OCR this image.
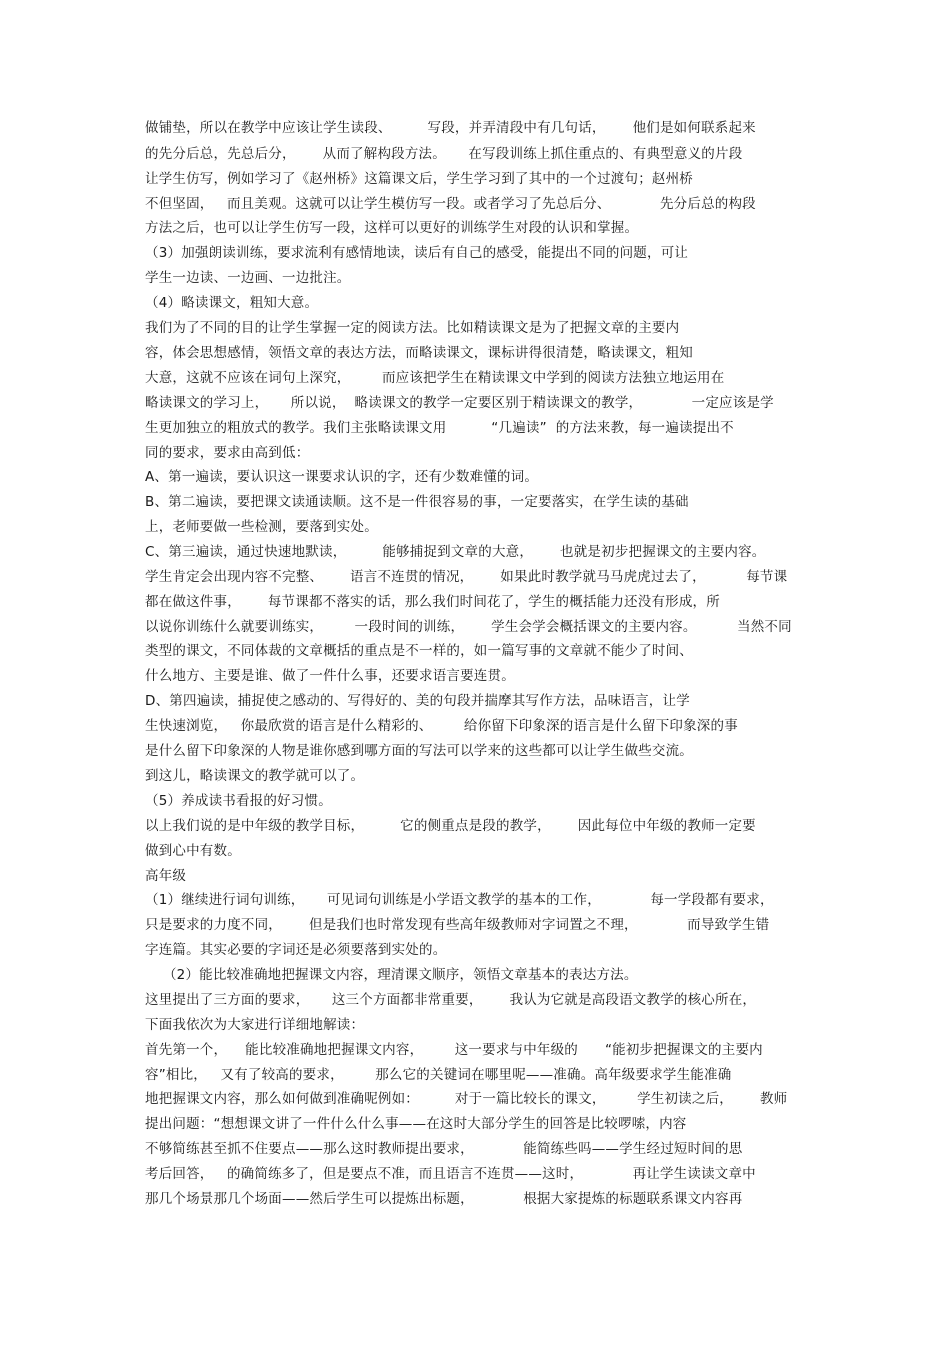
做铺垫，所以在教学中应该让学生读段、        写段，并弄清段中有几句话，      他们是如何联系起来
的先分后总，先总后分，      从而了解构段方法。     在写段训练上抓住重点的、有典型意义的片段
让学生仿写，例如学习了《赵州桥》这篇课文后，学生学习到了其中的一个过渡句；赵州桥
不但坚固，   而且美观。这就可以让学生模仿写一段。或者学习了先总后分、           先分后总的构段
方法之后，也可以让学生仿写一段，这样可以更好的训练学生对段的认识和掌握。
（3）加强朗读训练，要求流利有感情地读，读后有自己的感受，能提出不同的问题，可让
学生一边读、一边画、一边批注。
（4）略读课文，粗知大意。
我们为了不同的目的让学生掌握一定的阅读方法。比如精读课文是为了把握文章的主要内
容，体会思想感情，领悟文章的表达方法，而略读课文，课标讲得很清楚，略读课文，粗知
大意，这就不应该在词句上深究，       而应该把学生在精读课文中学到的阅读方法独立地运用在
略读课文的学习上，     所以说，  略读课文的教学一定要区别于精读课文的教学，           一定应该是学
生更加独立的粗放式的教学。我们主张略读课文用          “几遍读”  的方法来教，每一遍读提出不
同的要求，要求由高到低：
A、第一遍读，要认识这一课要求认识的字，还有少数难懂的词。
B、第二遍读，要把课文读通读顺。这不是一件很容易的事，一定要落实，在学生读的基础
上，老师要做一些检测，要落到实处。
C、第三遍读，通过快速地默读，        能够捕捉到文章的大意，      也就是初步把握课文的主要内容。
学生肯定会出现内容不完整、      语言不连贯的情况，      如果此时教学就马马虎虎过去了，         每节课
都在做这件事，      每节课都不落实的话，那么我们时间花了，学生的概括能力还没有形成，所
以说你训练什么就要训练实，       一段时间的训练，      学生会学会概括课文的主要内容。         当然不同
类型的课文，不同体裁的文章概括的重点是不一样的，如一篇写事的文章就不能少了时间、
什么地方、主要是谁、做了一件什么事，还要求语言要连贯。
D、第四遍读，捕捉使之感动的、写得好的、美的句段并揣摩其写作方法，品味语言，让学
生快速浏览，   你最欣赏的语言是什么精彩的、       给你留下印象深的语言是什么留下印象深的事
是什么留下印象深的人物是谁你感到哪方面的写法可以学来的这些都可以让学生做些交流。
到这儿，略读课文的教学就可以了。
（5）养成读书看报的好习惯。
以上我们说的是中年级的教学目标，        它的侧重点是段的教学，      因此每位中年级的教师一定要
做到心中有数。
高年级
（1）继续进行词句训练，     可见词句训练是小学语文教学的基本的工作，           每一学段都有要求，
只是要求的力度不同，      但是我们也时常发现有些高年级教师对字词置之不理，           而导致学生错
字连篇。其实必要的字词还是必须要落到实处的。
（2）能比较准确地把握课文内容，理清课文顺序，领悟文章基本的表达方法。
这里提出了三方面的要求，     这三个方面都非常重要，      我认为它就是高段语文教学的核心所在，
下面我依次为大家进行详细地解读：
首先第一个，    能比较准确地把握课文内容，       这一要求与中年级的      “能初步把握课文的主要内
容”相比，   又有了较高的要求，       那么它的关键词在哪里呢——准确。高年级要求学生能准确
地把握课文内容，那么如何做到准确呢例如：        对于一篇比较长的课文，       学生初读之后，      教师
提出问题：“想想课文讲了一件什么什么事——在这时大部分学生的回答是比较啰嗦，内容
不够简练甚至抓不住要点——那么这时教师提出要求，           能简练些吗——学生经过短时间的思
考后回答，   的确简练多了，但是要点不准，而且语言不连贯——这时，           再让学生读读文章中
那几个场景那几个场面——然后学生可以提炼出标题，           根据大家提炼的标题联系课文内容再
